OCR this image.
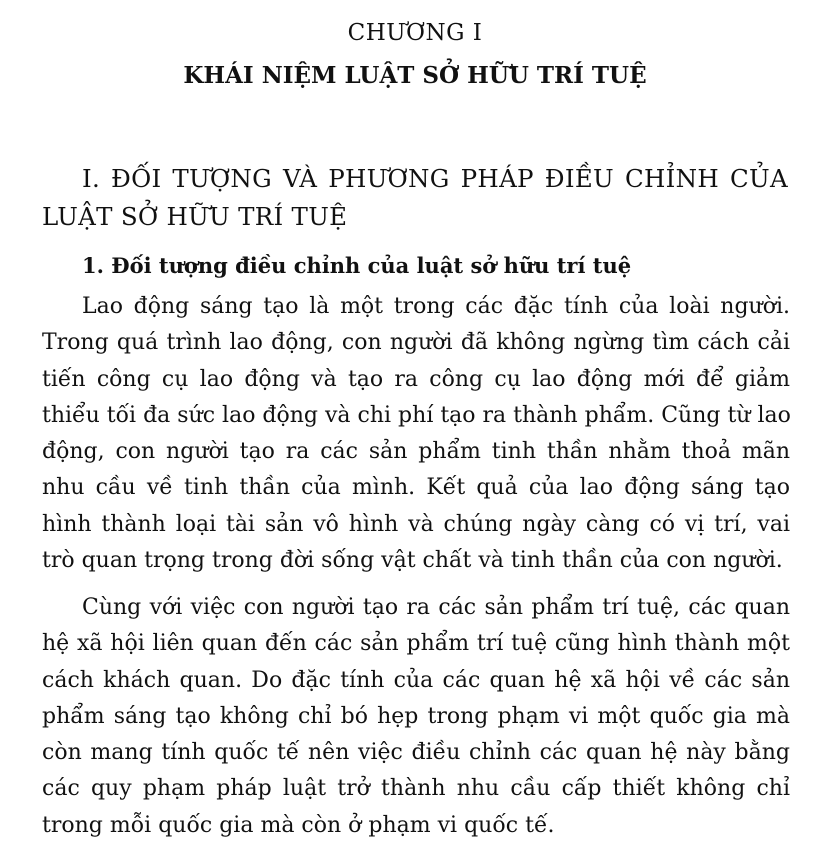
CHƯƠNG I
KHÁI NIỆM LUẬT SỞ HỮU TRÍ TUỆ
I. ĐỐI TƯỢNG VÀ PHƯƠNG PHÁP ĐIỀU CHỈNH CỦA
LUẬT SỞ HỮU TRÍ TUỆ
1. Đối tượng điều chỉnh của luật sở hữu trí tuệ

Lao động sáng tạo là một trong các đặc tính của loài người.
Trong quá trình lao động, con người đã không ngừng tìm cách cải
tiến công cụ lao động và tạo ra công cụ lao động mới để giảm
thiểu tối đa sức lao động và chi phí tạo ra thành phẩm. Cũng từ lao
động, con người tạo ra các sản phẩm tinh thần nhằm thoả mãn
nhu cầu về tinh thần của mình. Kết quả của lao động sáng tạo
hình thành loại tài sản vô hình và chúng ngày càng có vị trí, vai
trò quan trọng trong đời sống vật chất và tinh thần của con người.

Cùng với việc con người tạo ra các sản phẩm trí tuệ, các quan
hệ xã hội liên quan đến các sản phẩm trí tuệ cũng hình thành một
cách khách quan. Do đặc tính của các quan hệ xã hội về các sản
phẩm sáng tạo không chỉ bó hẹp trong phạm vi một quốc gia mà
còn mang tính quốc tế nên việc điều chỉnh các quan hệ này bằng
các quy phạm pháp luật trở thành nhu cầu cấp thiết không chỉ
trong mỗi quốc gia mà còn ở phạm vi quốc tế.
